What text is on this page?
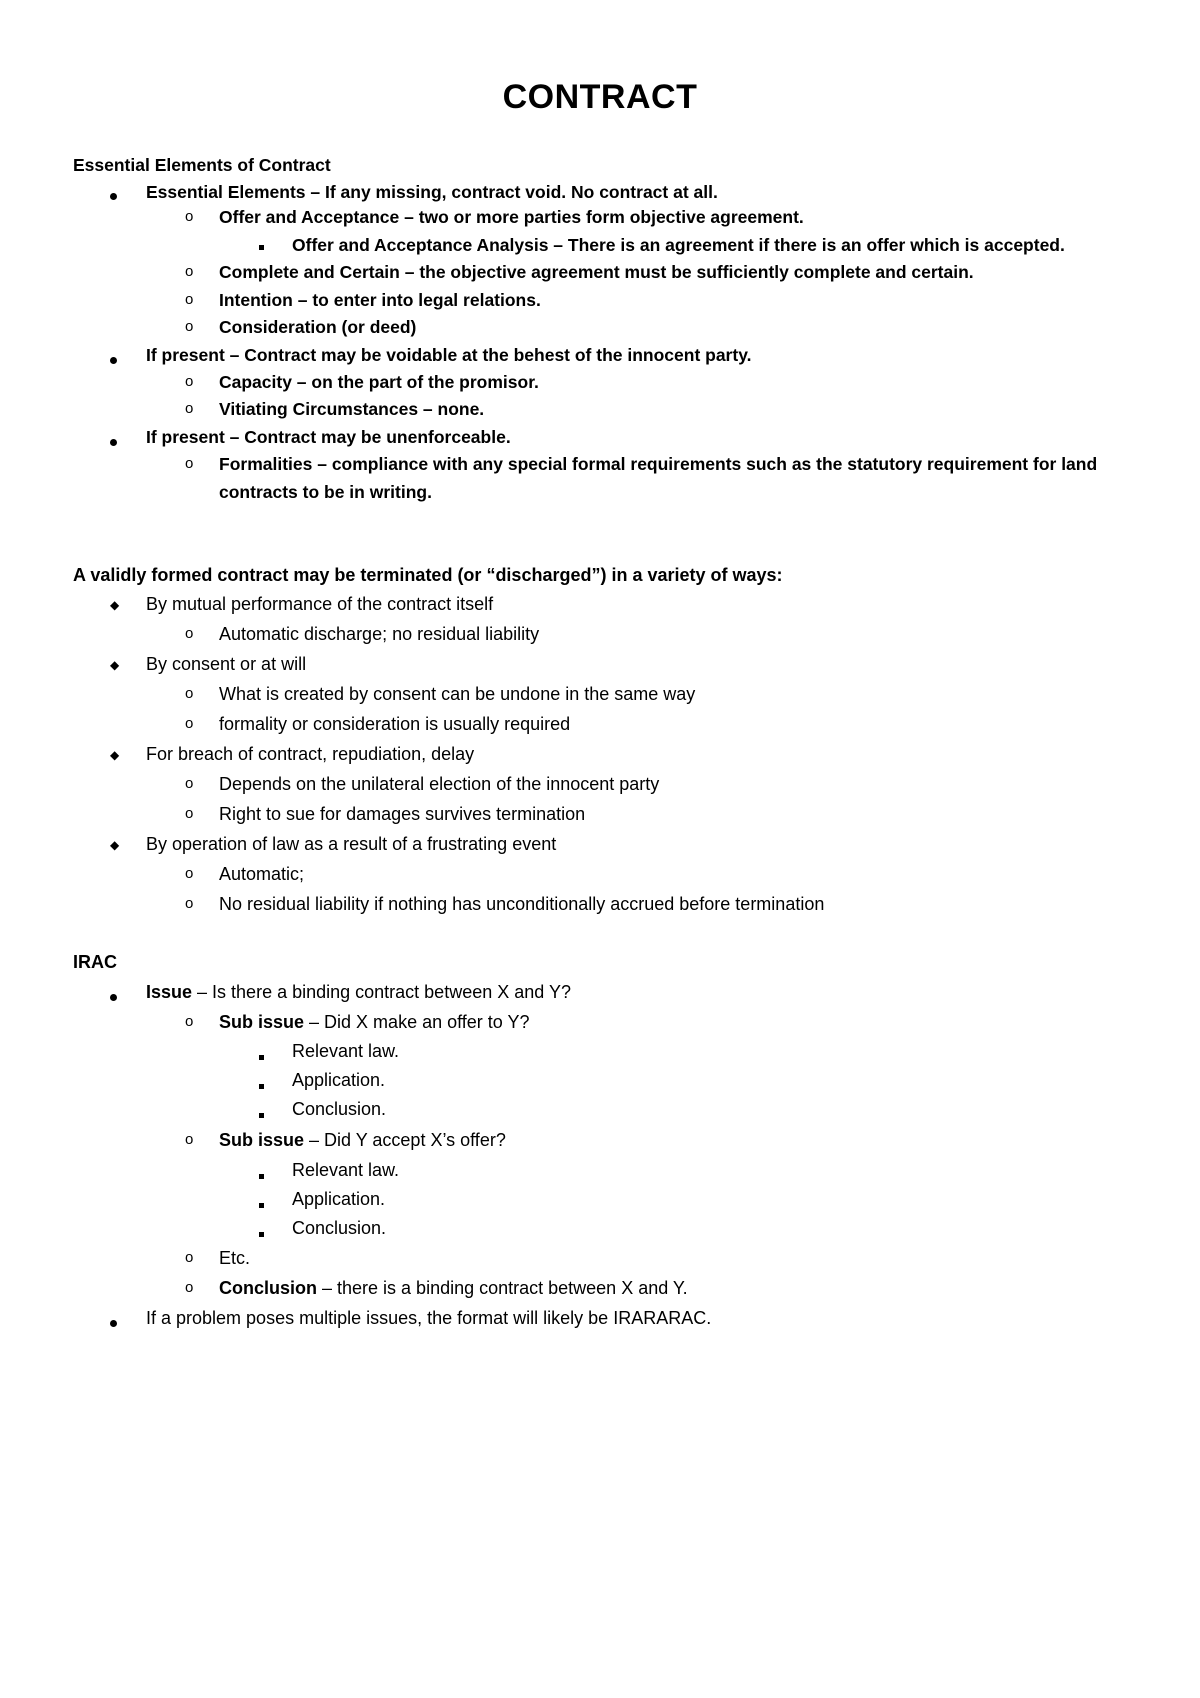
CONTRACT
Essential Elements of Contract
Essential Elements – If any missing, contract void. No contract at all.
o Offer and Acceptance – two or more parties form objective agreement.
Offer and Acceptance Analysis – There is an agreement if there is an offer which is accepted.
o Complete and Certain – the objective agreement must be sufficiently complete and certain.
o Intention – to enter into legal relations.
o Consideration (or deed)
If present – Contract may be voidable at the behest of the innocent party.
o Capacity – on the part of the promisor.
o Vitiating Circumstances – none.
If present – Contract may be unenforceable.
o Formalities – compliance with any special formal requirements such as the statutory requirement for land
contracts to be in writing.
A validly formed contract may be terminated (or “discharged”) in a variety of ways:
◆ By mutual performance of the contract itself
o Automatic discharge; no residual liability
◆ By consent or at will
o What is created by consent can be undone in the same way
o formality or consideration is usually required
◆ For breach of contract, repudiation, delay
o Depends on the unilateral election of the innocent party
o Right to sue for damages survives termination
◆ By operation of law as a result of a frustrating event
o Automatic;
o No residual liability if nothing has unconditionally accrued before termination
IRAC
Issue – Is there a binding contract between X and Y?
o Sub issue – Did X make an offer to Y?
Relevant law.
Application.
Conclusion.
o Sub issue – Did Y accept X’s offer?
Relevant law.
Application.
Conclusion.
o Etc.
o Conclusion – there is a binding contract between X and Y.
If a problem poses multiple issues, the format will likely be IRARARAC.
